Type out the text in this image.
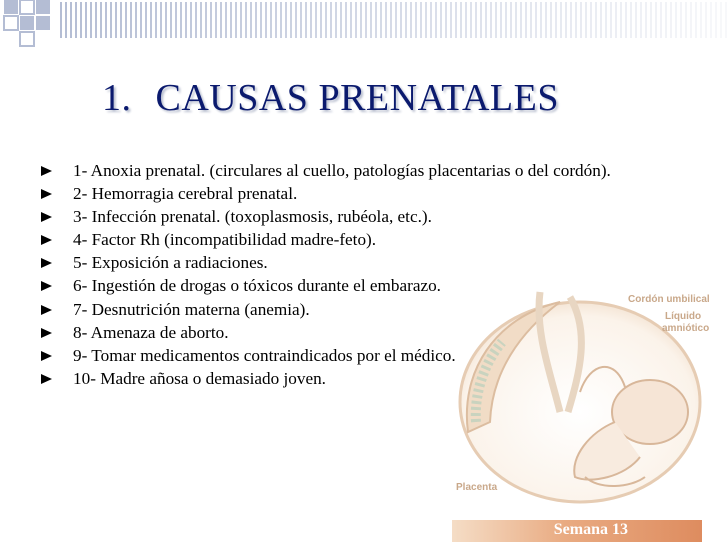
1. CAUSAS PRENATALES
Cordón umbilical
Líquido
amniótico
Placenta
1- Anoxia prenatal. (circulares al cuello, patologías placentarias o del cordón).
2- Hemorragia cerebral prenatal.
3- Infección prenatal. (toxoplasmosis, rubéola, etc.).
4- Factor Rh (incompatibilidad madre-feto).
5- Exposición a radiaciones.
6- Ingestión de drogas o tóxicos durante el embarazo.
7- Desnutrición materna (anemia).
8- Amenaza de aborto.
9- Tomar medicamentos contraindicados por el médico.
10- Madre añosa o demasiado joven.
Semana 13
